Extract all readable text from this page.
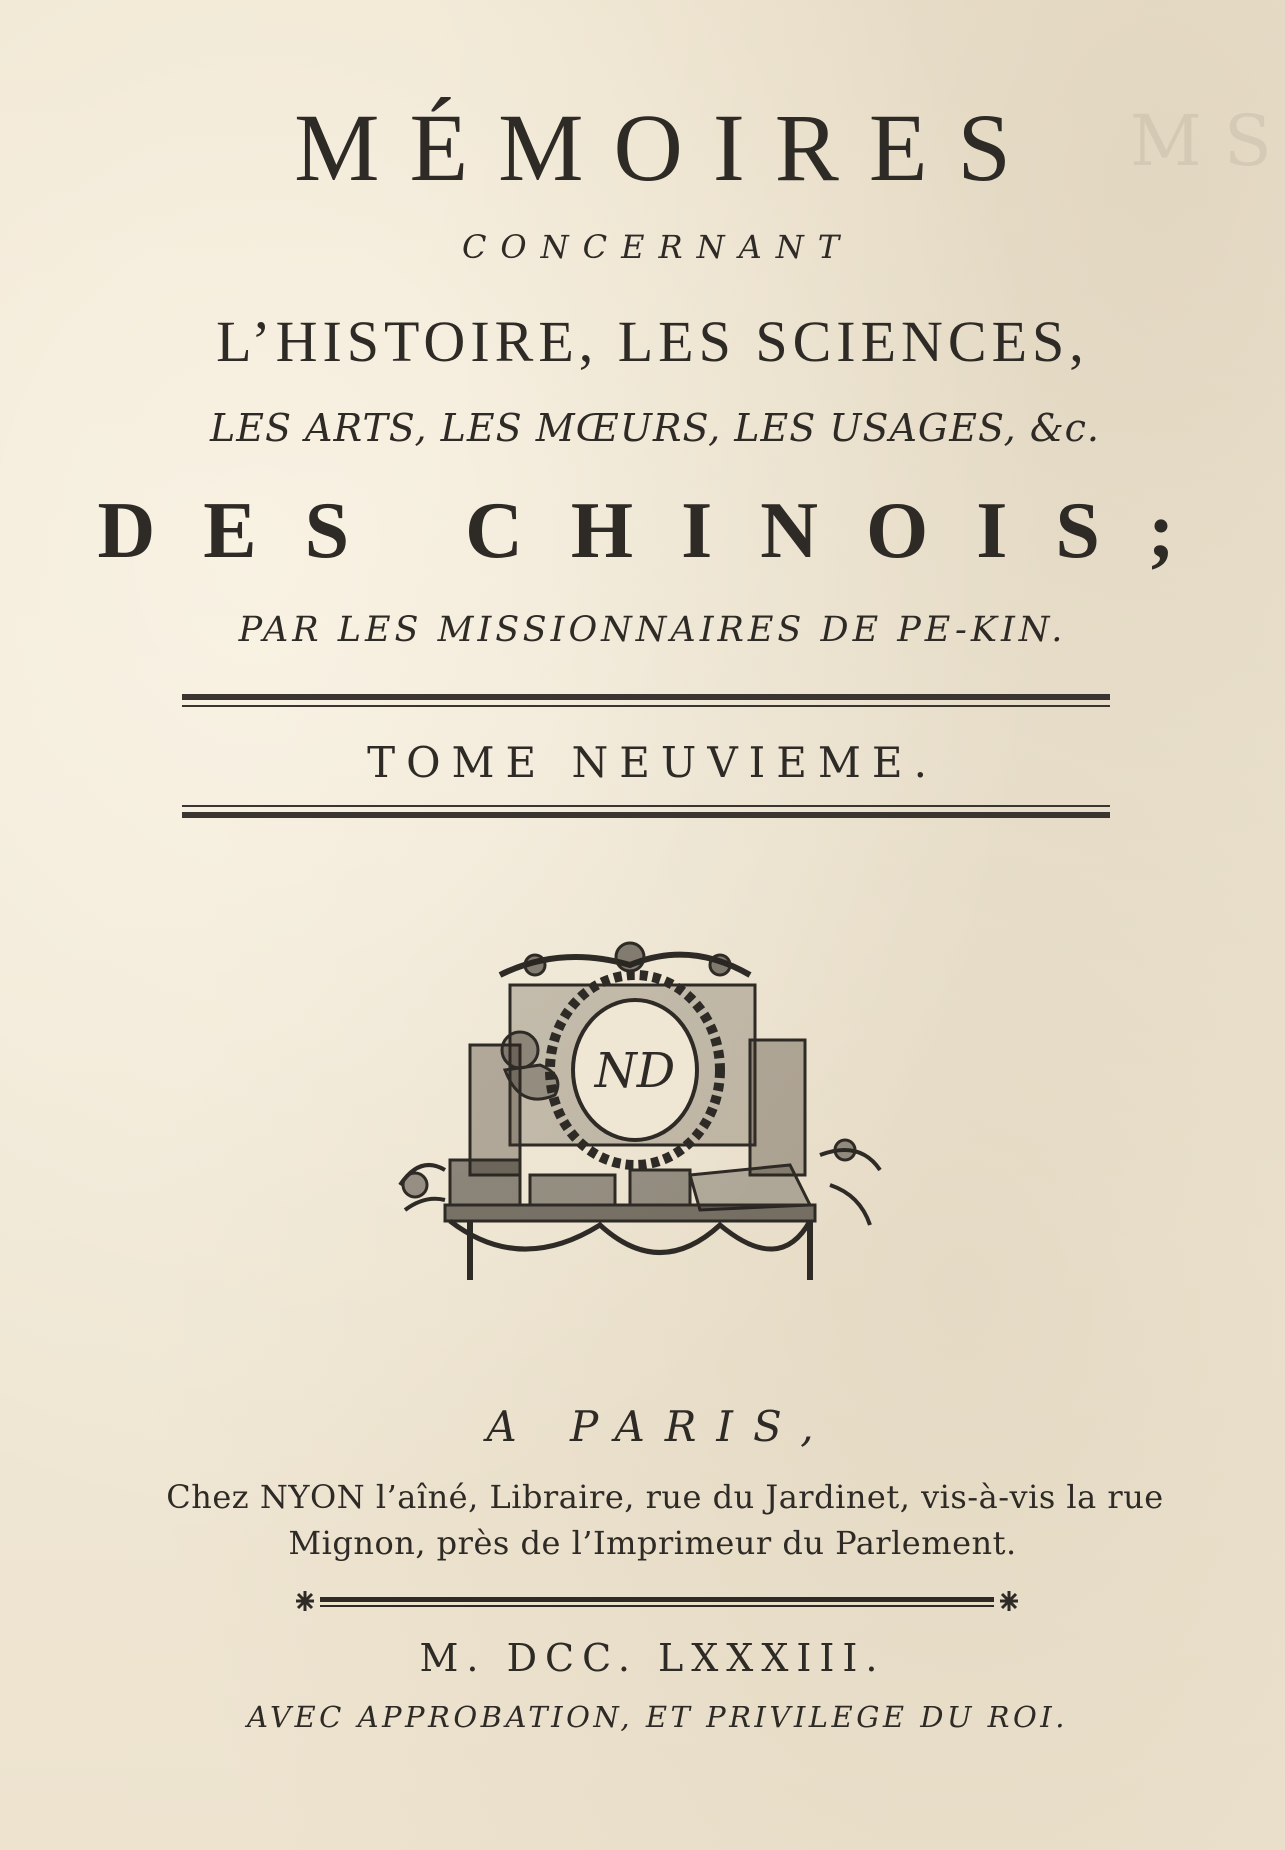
M S
MÉMOIRES
CONCERNANT
L’HISTOIRE, LES SCIENCES,
LES ARTS, LES MŒURS, LES USAGES, &c.
DES CHINOIS;
PAR LES MISSIONNAIRES DE PE-KIN.
TOME NEUVIEME.
ND
A PARIS,
Chez NYON l’aîné, Libraire, rue du Jardinet, vis-à-vis la rue
Mignon, près de l’Imprimeur du Parlement.
M. DCC. LXXXIII.
AVEC APPROBATION, ET PRIVILEGE DU ROI.
